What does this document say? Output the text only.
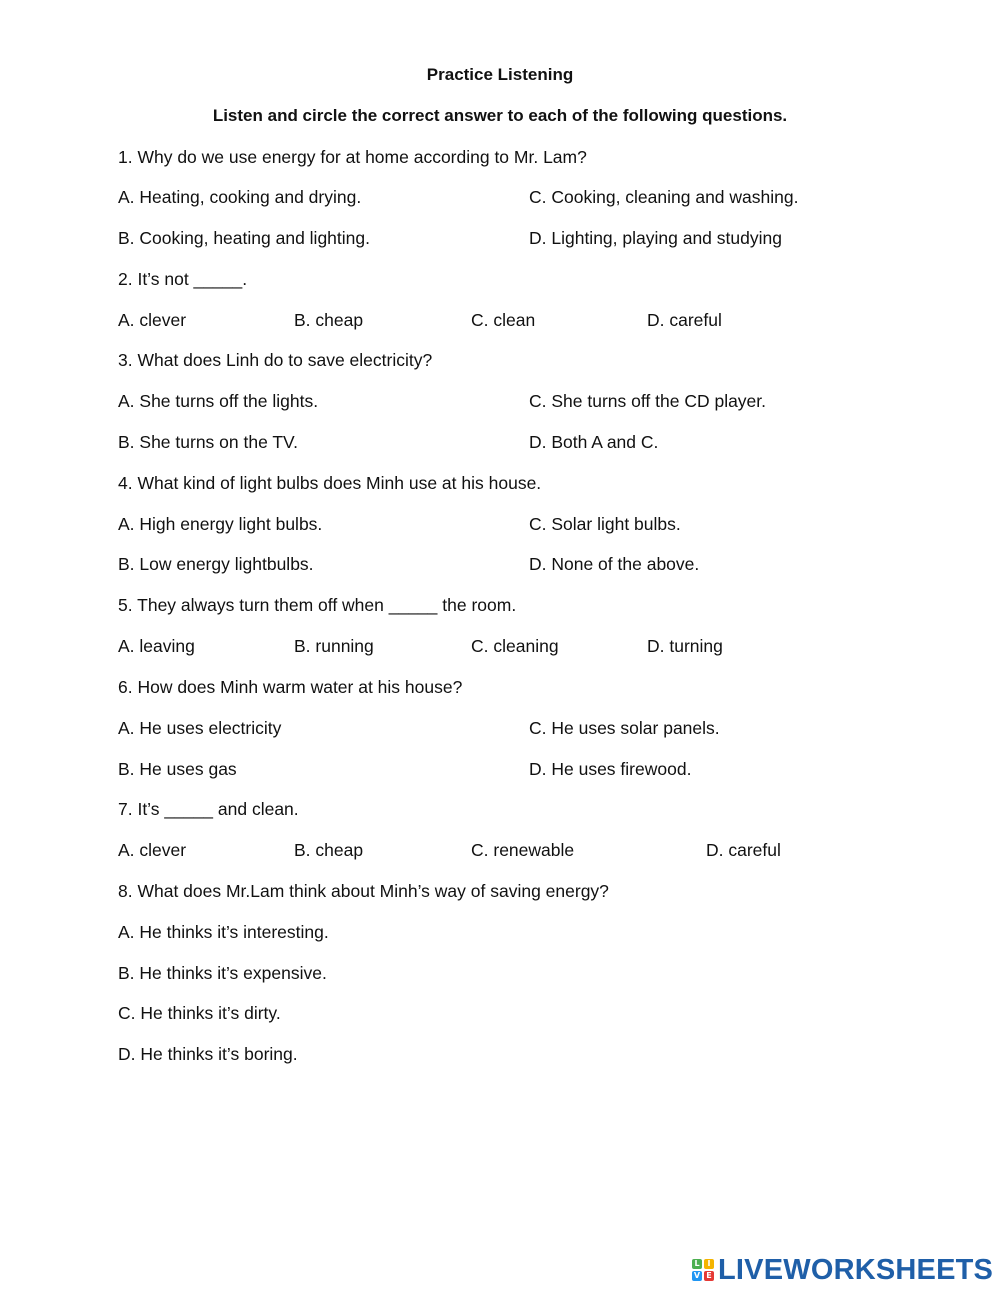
Practice Listening
Listen and circle the correct answer to each of the following questions.
1. Why do we use energy for at home according to Mr. Lam?
A. Heating, cooking and drying.	C. Cooking, cleaning and washing.
B. Cooking, heating and lighting.	D. Lighting, playing and studying
2. It’s not _____.
A. clever	B. cheap	C. clean	D. careful
3. What does Linh do to save electricity?
A. She turns off the lights.	C. She turns off the CD player.
B. She turns on the TV.	D. Both A and C.
4. What kind of light bulbs does Minh use at his house.
A. High energy light bulbs.	C. Solar light bulbs.
B. Low energy lightbulbs.	D. None of the above.
5. They always turn them off when _____ the room.
A. leaving	B. running	C. cleaning	D. turning
6. How does Minh warm water at his house?
A. He uses electricity	C. He uses solar panels.
B. He uses gas	D. He uses firewood.
7. It’s _____ and clean.
A. clever	B. cheap	C. renewable	D. careful
8. What does Mr.Lam think about Minh’s way of saving energy?
A. He thinks it’s interesting.
B. He thinks it’s expensive.
C. He thinks it’s dirty.
D. He thinks it’s boring.
L I
V E LIVEWORKSHEETS
